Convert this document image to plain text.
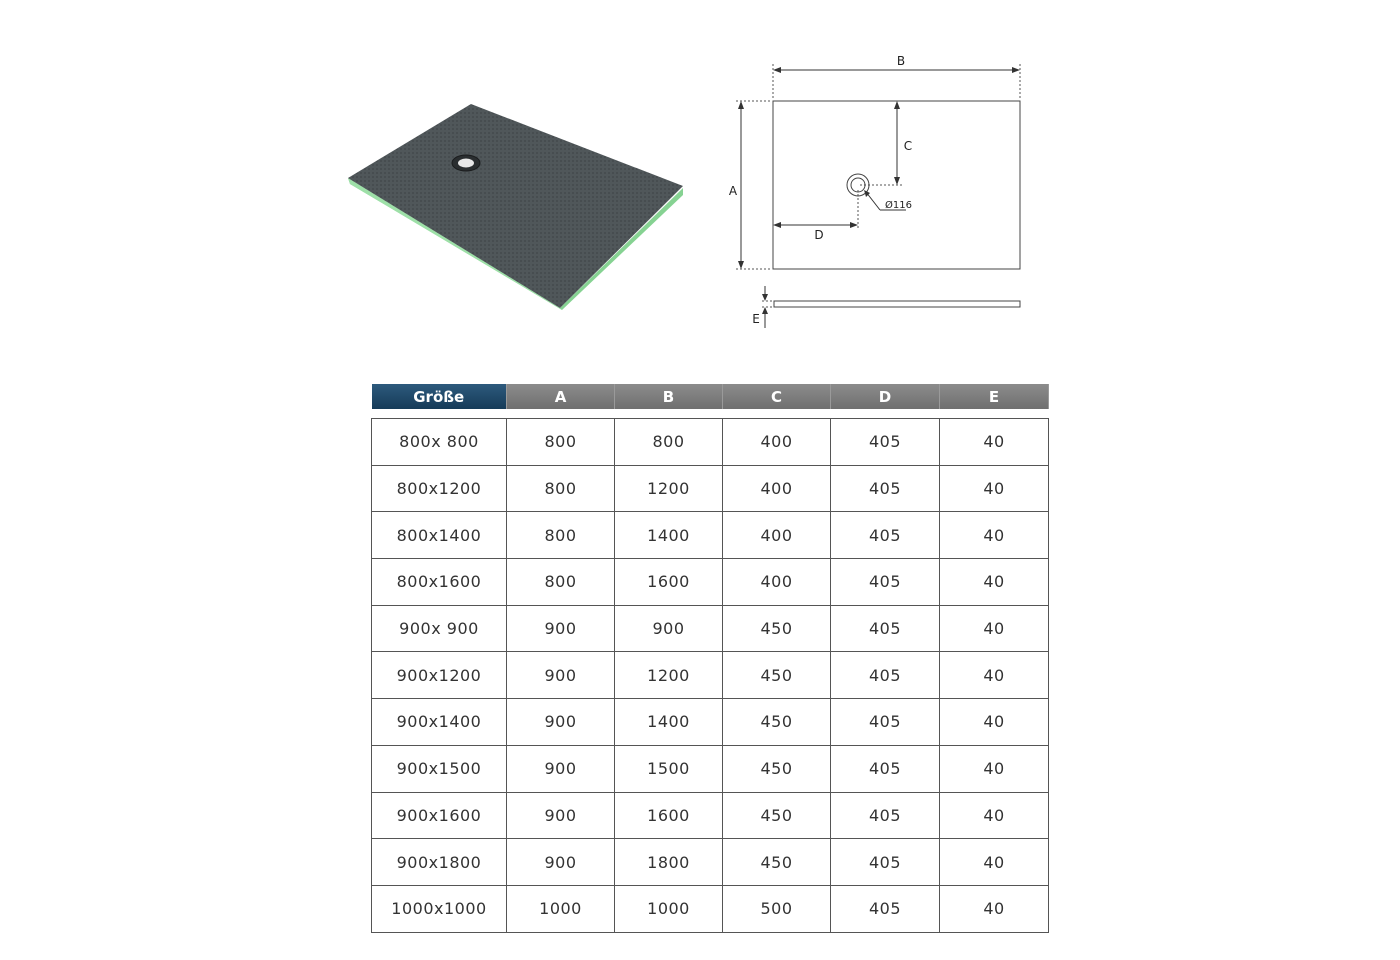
B
A
C
D
Ø116
E
Größe	A	B	C	D	E

800x 800	800	800	400	405	40
800x1200	800	1200	400	405	40
800x1400	800	1400	400	405	40
800x1600	800	1600	400	405	40
900x 900	900	900	450	405	40
900x1200	900	1200	450	405	40
900x1400	900	1400	450	405	40
900x1500	900	1500	450	405	40
900x1600	900	1600	450	405	40
900x1800	900	1800	450	405	40
1000x1000	1000	1000	500	405	40
